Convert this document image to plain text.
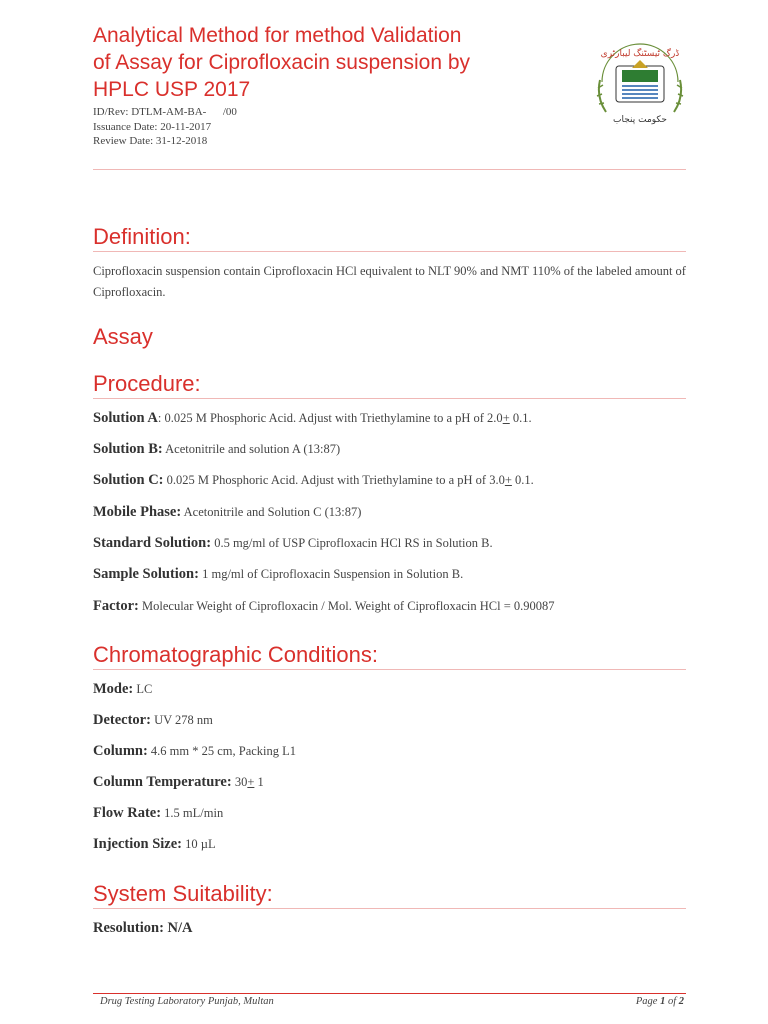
Analytical Method for method Validation
of Assay for Ciprofloxacin suspension by
HPLC USP 2017
ID/Rev: DTLM-AM-BA-      /00
Issuance Date: 20-11-2017
Review Date: 31-12-2018
ڈرگ ٹیسٹنگ لیبارٹری
حکومت پنجاب
Definition:
Ciprofloxacin suspension contain Ciprofloxacin HCl equivalent to NLT 90% and NMT 110% of the labeled amount of Ciprofloxacin.
Assay
Procedure:
Solution A: 0.025 M Phosphoric Acid. Adjust with Triethylamine to a pH of 2.0+ 0.1.
Solution B: Acetonitrile and solution A (13:87)
Solution C: 0.025 M Phosphoric Acid. Adjust with Triethylamine to a pH of 3.0+ 0.1.
Mobile Phase: Acetonitrile and Solution C (13:87)
Standard Solution: 0.5 mg/ml of USP Ciprofloxacin HCl RS in Solution B.
Sample Solution: 1 mg/ml of Ciprofloxacin Suspension in Solution B.
Factor: Molecular Weight of Ciprofloxacin / Mol. Weight of Ciprofloxacin HCl = 0.90087
Chromatographic Conditions:
Mode: LC
Detector: UV 278 nm
Column: 4.6 mm * 25 cm, Packing L1
Column Temperature: 30+ 1
Flow Rate: 1.5 mL/min
Injection Size: 10 µL
System Suitability:
Resolution: N/A
Drug Testing Laboratory Punjab, Multan	Page 1 of 2
